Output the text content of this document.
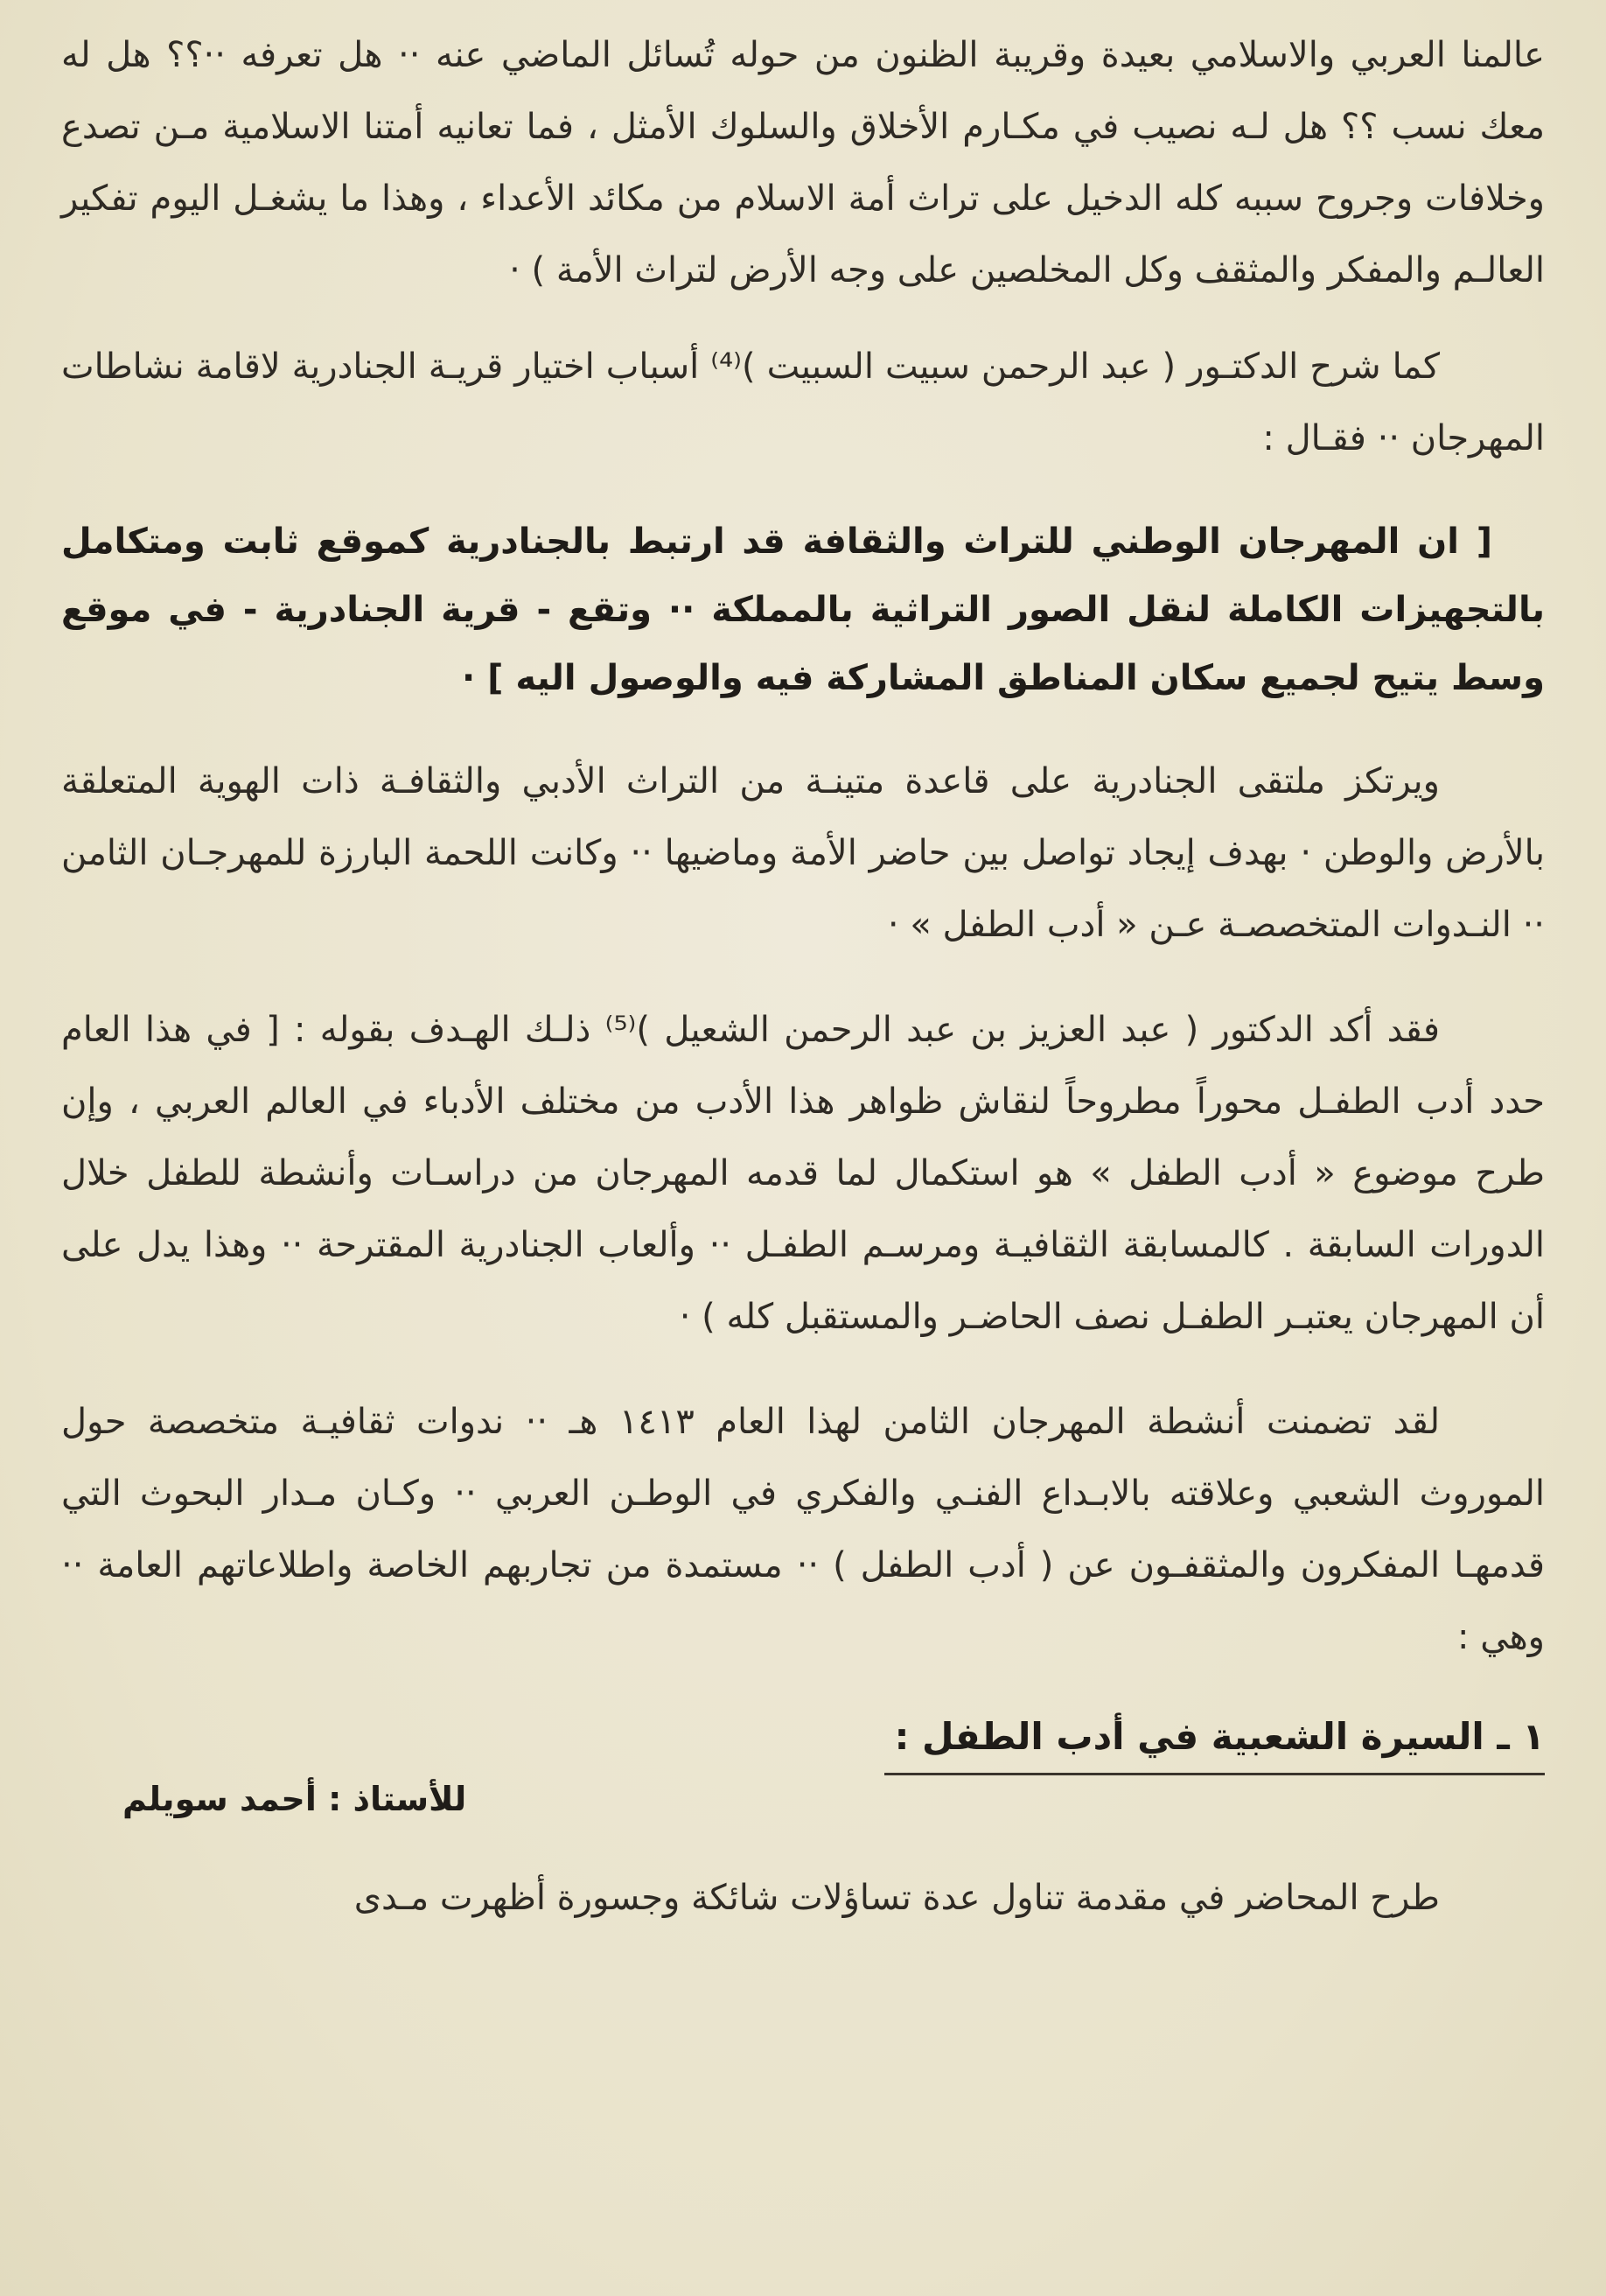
عالمنا العربي والاسلامي بعيدة وقريبة الظنون من حوله تُسائل الماضي عنه ·· هل تعرفه ··؟؟ هل له معك نسب ؟؟ هل لـه نصيب في مكـارم الأخلاق والسلوك الأمثل ، فما تعانيه أمتنا الاسلامية مـن تصدع وخلافات وجروح سببه كله الدخيل على تراث أمة الاسلام من مكائد الأعداء ، وهذا ما يشغـل اليوم تفكير العالـم والمفكر والمثقف وكل المخلصين على وجه الأرض لتراث الأمة ) ·

كما شرح الدكتـور ( عبد الرحمن سبيت السبيت )⁽⁴⁾ أسباب اختيار قريـة الجنادرية لاقامة نشاطات المهرجان ·· فقـال :

[ ان المهرجان الوطني للتراث والثقافة قد ارتبط بالجنادرية كموقع ثابت ومتكامل بالتجهيزات الكاملة لنقل الصور التراثية بالمملكة ·· وتقع - قرية الجنادرية - في موقع وسط يتيح لجميع سكان المناطق المشاركة فيه والوصول اليه ] ·

ويرتكز ملتقى الجنادرية على قاعدة متينـة من التراث الأدبي والثقافـة ذات الهوية المتعلقة بالأرض والوطن · بهدف إيجاد تواصل بين حاضر الأمة وماضيها ·· وكانت اللحمة البارزة للمهرجـان الثامن ·· النـدوات المتخصصـة عـن « أدب الطفل » ·

فقد أكد الدكتور ( عبد العزيز بن عبد الرحمن الشعيل )⁽⁵⁾ ذلـك الهـدف بقوله : [ في هذا العام حدد أدب الطفـل محوراً مطروحاً لنقاش ظواهر هذا الأدب من مختلف الأدباء في العالم العربي ، وإن طرح موضوع « أدب الطفل » هو استكمال لما قدمه المهرجان من دراسـات وأنشطة للطفل خلال الدورات السابقة . كالمسابقة الثقافيـة ومرسـم الطفـل ·· وألعاب الجنادرية المقترحة ·· وهذا يدل على أن المهرجان يعتبـر الطفـل نصف الحاضـر والمستقبل كله ) ·

لقد تضمنت أنشطة المهرجان الثامن لهذا العام ١٤١٣ هـ ·· ندوات ثقافيـة متخصصة حول الموروث الشعبي وعلاقته بالابـداع الفنـي والفكري في الوطـن العربي ·· وكـان مـدار البحوث التي قدمهـا المفكرون والمثقفـون عن ( أدب الطفل ) ·· مستمدة من تجاربهم الخاصة واطلاعاتهم العامة ·· وهي :

١ ـ السيرة الشعبية في أدب الطفل :
للأستاذ : أحمد سويلم

طرح المحاضر في مقدمة تناول عدة تساؤلات شائكة وجسورة أظهرت مـدى
